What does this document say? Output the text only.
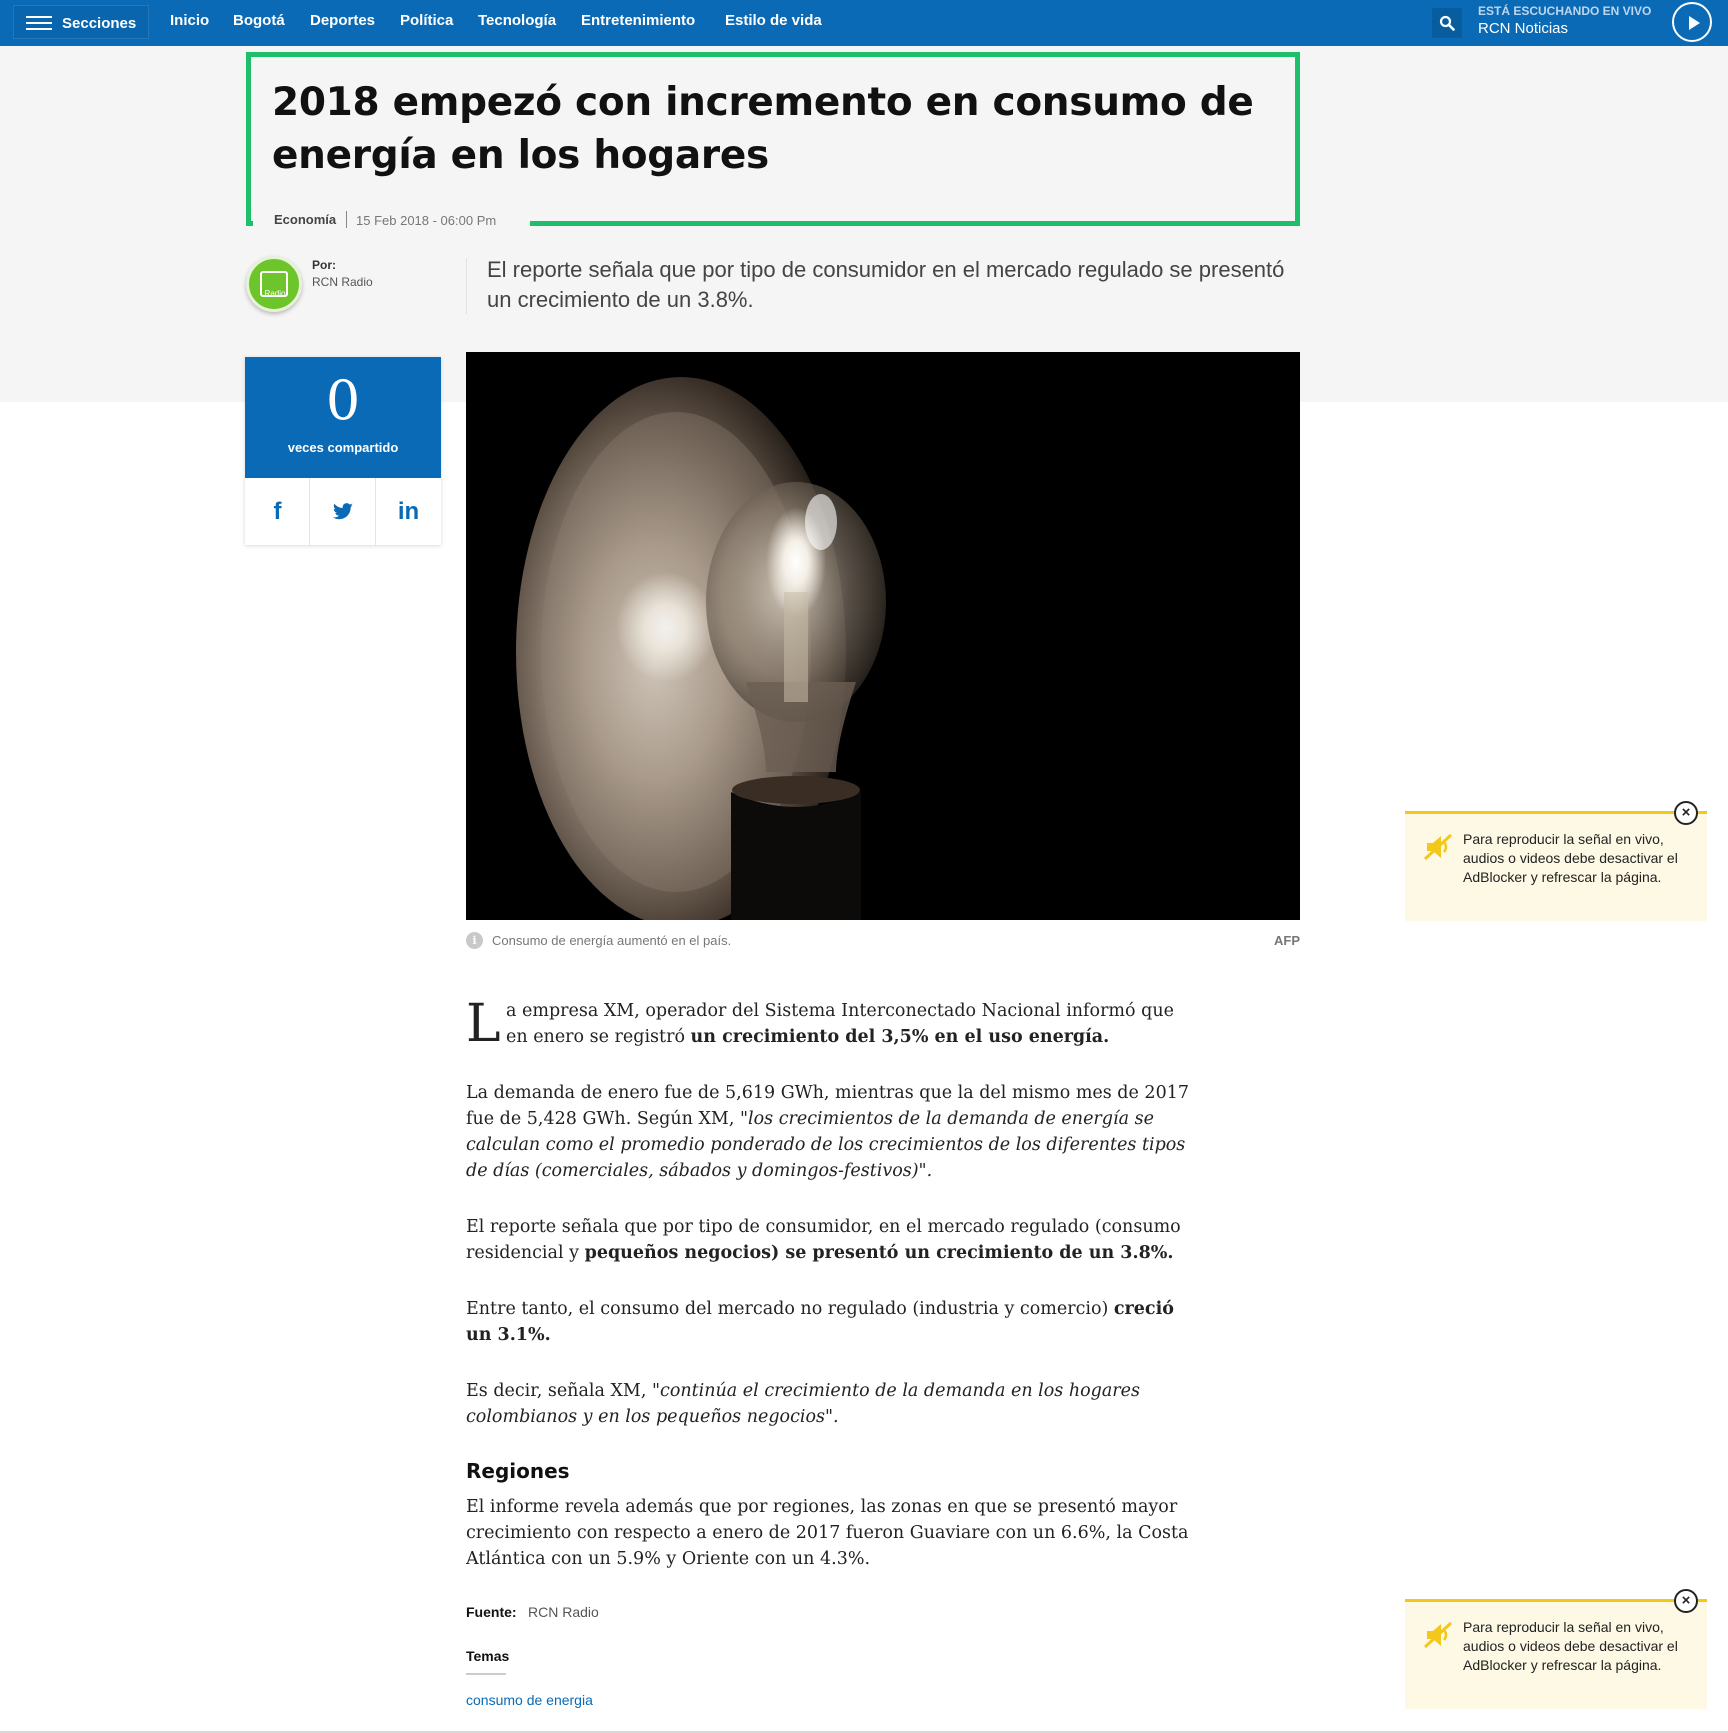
Secciones Inicio Bogotá Deportes Política Tecnología Entretenimiento Estilo de vida
ESTÁ ESCUCHANDO EN VIVO
RCN Noticias
2018 empezó con incremento en consumo de energía en los hogares
Economía 15 Feb 2018 - 06:00 Pm
Radio
Por:
RCN Radio	El reporte señala que por tipo de consumidor en el mercado regulado se presentó un crecimiento de un 3.8%.

0
veces compartido
f	in
i	Consumo de energía aumentó en el país.	AFP
L a empresa XM, operador del Sistema Interconectado Nacional informó que en enero se registró un crecimiento del 3,5% en el uso energía.

La demanda de enero fue de 5,619 GWh, mientras que la del mismo mes de 2017 fue de 5,428 GWh. Según XM, "los crecimientos de la demanda de energía se calculan como el promedio ponderado de los crecimientos de los diferentes tipos de días (comerciales, sábados y domingos-festivos)".

El reporte señala que por tipo de consumidor, en el mercado regulado (consumo residencial y pequeños negocios) se presentó un crecimiento de un 3.8%.

Entre tanto, el consumo del mercado no regulado (industria y comercio) creció un 3.1%.

Es decir, señala XM, "continúa el crecimiento de la demanda en los hogares colombianos y en los pequeños negocios".

Regiones

El informe revela además que por regiones, las zonas en que se presentó mayor crecimiento con respecto a enero de 2017 fueron Guaviare con un 6.6%, la Costa Atlántica con un 5.9% y Oriente con un 4.3%.

Fuente: RCN Radio
Temas
consumo de energia

Para reproducir la señal en vivo, audios o videos debe desactivar el AdBlocker y refrescar la página.

×

Para reproducir la señal en vivo, audios o videos debe desactivar el AdBlocker y refrescar la página.

×
